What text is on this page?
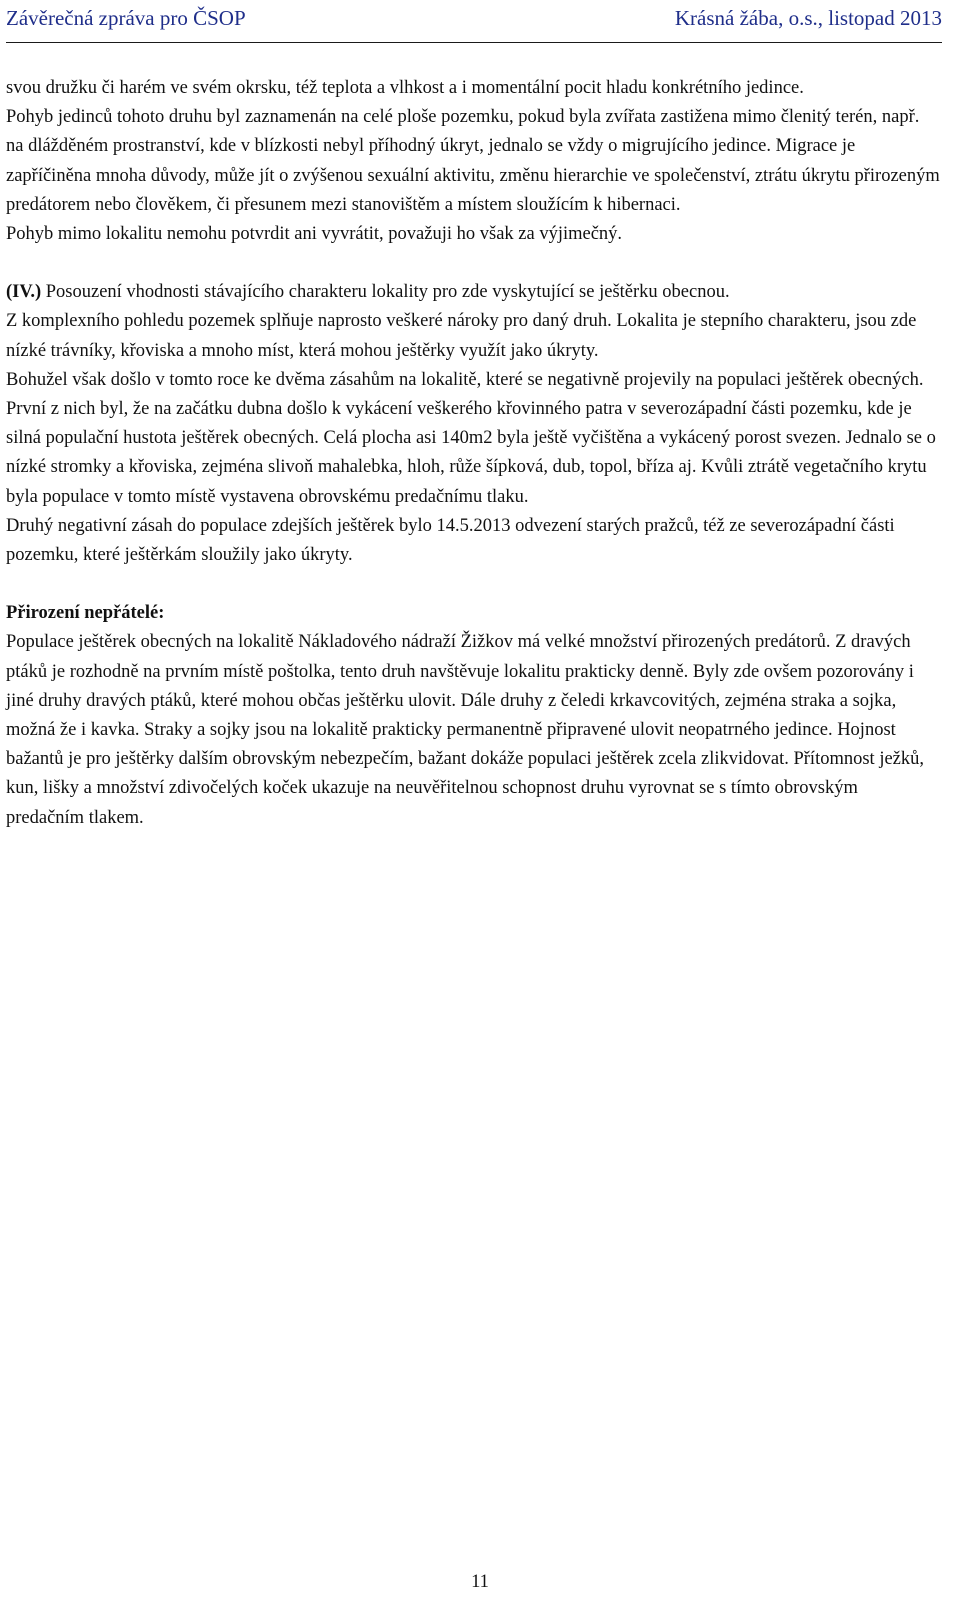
Závěrečná zpráva pro ČSOP	Krásná žába, o.s., listopad 2013

svou družku či harém ve svém okrsku, též teplota a vlhkost a i momentální pocit hladu konkrétního jedince.

Pohyb jedinců tohoto druhu byl zaznamenán na celé ploše pozemku, pokud byla zvířata zastižena mimo členitý terén, např. na dlážděném prostranství, kde v blízkosti nebyl příhodný úkryt, jednalo se vždy o migrujícího jedince. Migrace je zapříčiněna mnoha důvody, může jít o zvýšenou sexuální aktivitu, změnu hierarchie ve společenství, ztrátu úkrytu přirozeným predátorem nebo člověkem, či přesunem mezi stanovištěm a místem sloužícím k hibernaci.

Pohyb mimo lokalitu nemohu potvrdit ani vyvrátit, považuji ho však za výjimečný.

(IV.) Posouzení vhodnosti stávajícího charakteru lokality pro zde vyskytující se ještěrku obecnou.

Z komplexního pohledu pozemek splňuje naprosto veškeré nároky pro daný druh. Lokalita je stepního charakteru, jsou zde nízké trávníky, křoviska a mnoho míst, která mohou ještěrky využít jako úkryty.

Bohužel však došlo v tomto roce ke dvěma zásahům na lokalitě, které se negativně projevily na populaci ještěrek obecných. První z nich byl, že na začátku dubna došlo k vykácení veškerého křovinného patra v severozápadní části pozemku, kde je silná populační hustota ještěrek obecných. Celá plocha asi 140m2 byla ještě vyčištěna a vykácený porost svezen. Jednalo se o nízké stromky a křoviska, zejména slivoň mahalebka, hloh, růže šípková, dub, topol, bříza aj. Kvůli ztrátě vegetačního krytu byla populace v tomto místě vystavena obrovskému predačnímu tlaku.

Druhý negativní zásah do populace zdejších ještěrek bylo 14.5.2013 odvezení starých pražců, též ze severozápadní části pozemku, které ještěrkám sloužily jako úkryty.

Přirození nepřátelé:

Populace ještěrek obecných na lokalitě Nákladového nádraží Žižkov má velké množství přirozených predátorů. Z dravých ptáků je rozhodně na prvním místě poštolka, tento druh navštěvuje lokalitu prakticky denně. Byly zde ovšem pozorovány i jiné druhy dravých ptáků, které mohou občas ještěrku ulovit. Dále druhy z čeledi krkavcovitých, zejména straka a sojka, možná že i kavka. Straky a sojky jsou na lokalitě prakticky permanentně připravené ulovit neopatrného jedince. Hojnost bažantů je pro ještěrky dalším obrovským nebezpečím, bažant dokáže populaci ještěrek zcela zlikvidovat. Přítomnost ježků, kun, lišky a množství zdivočelých koček ukazuje na neuvěřitelnou schopnost druhu vyrovnat se s tímto obrovským predačním tlakem.

11
